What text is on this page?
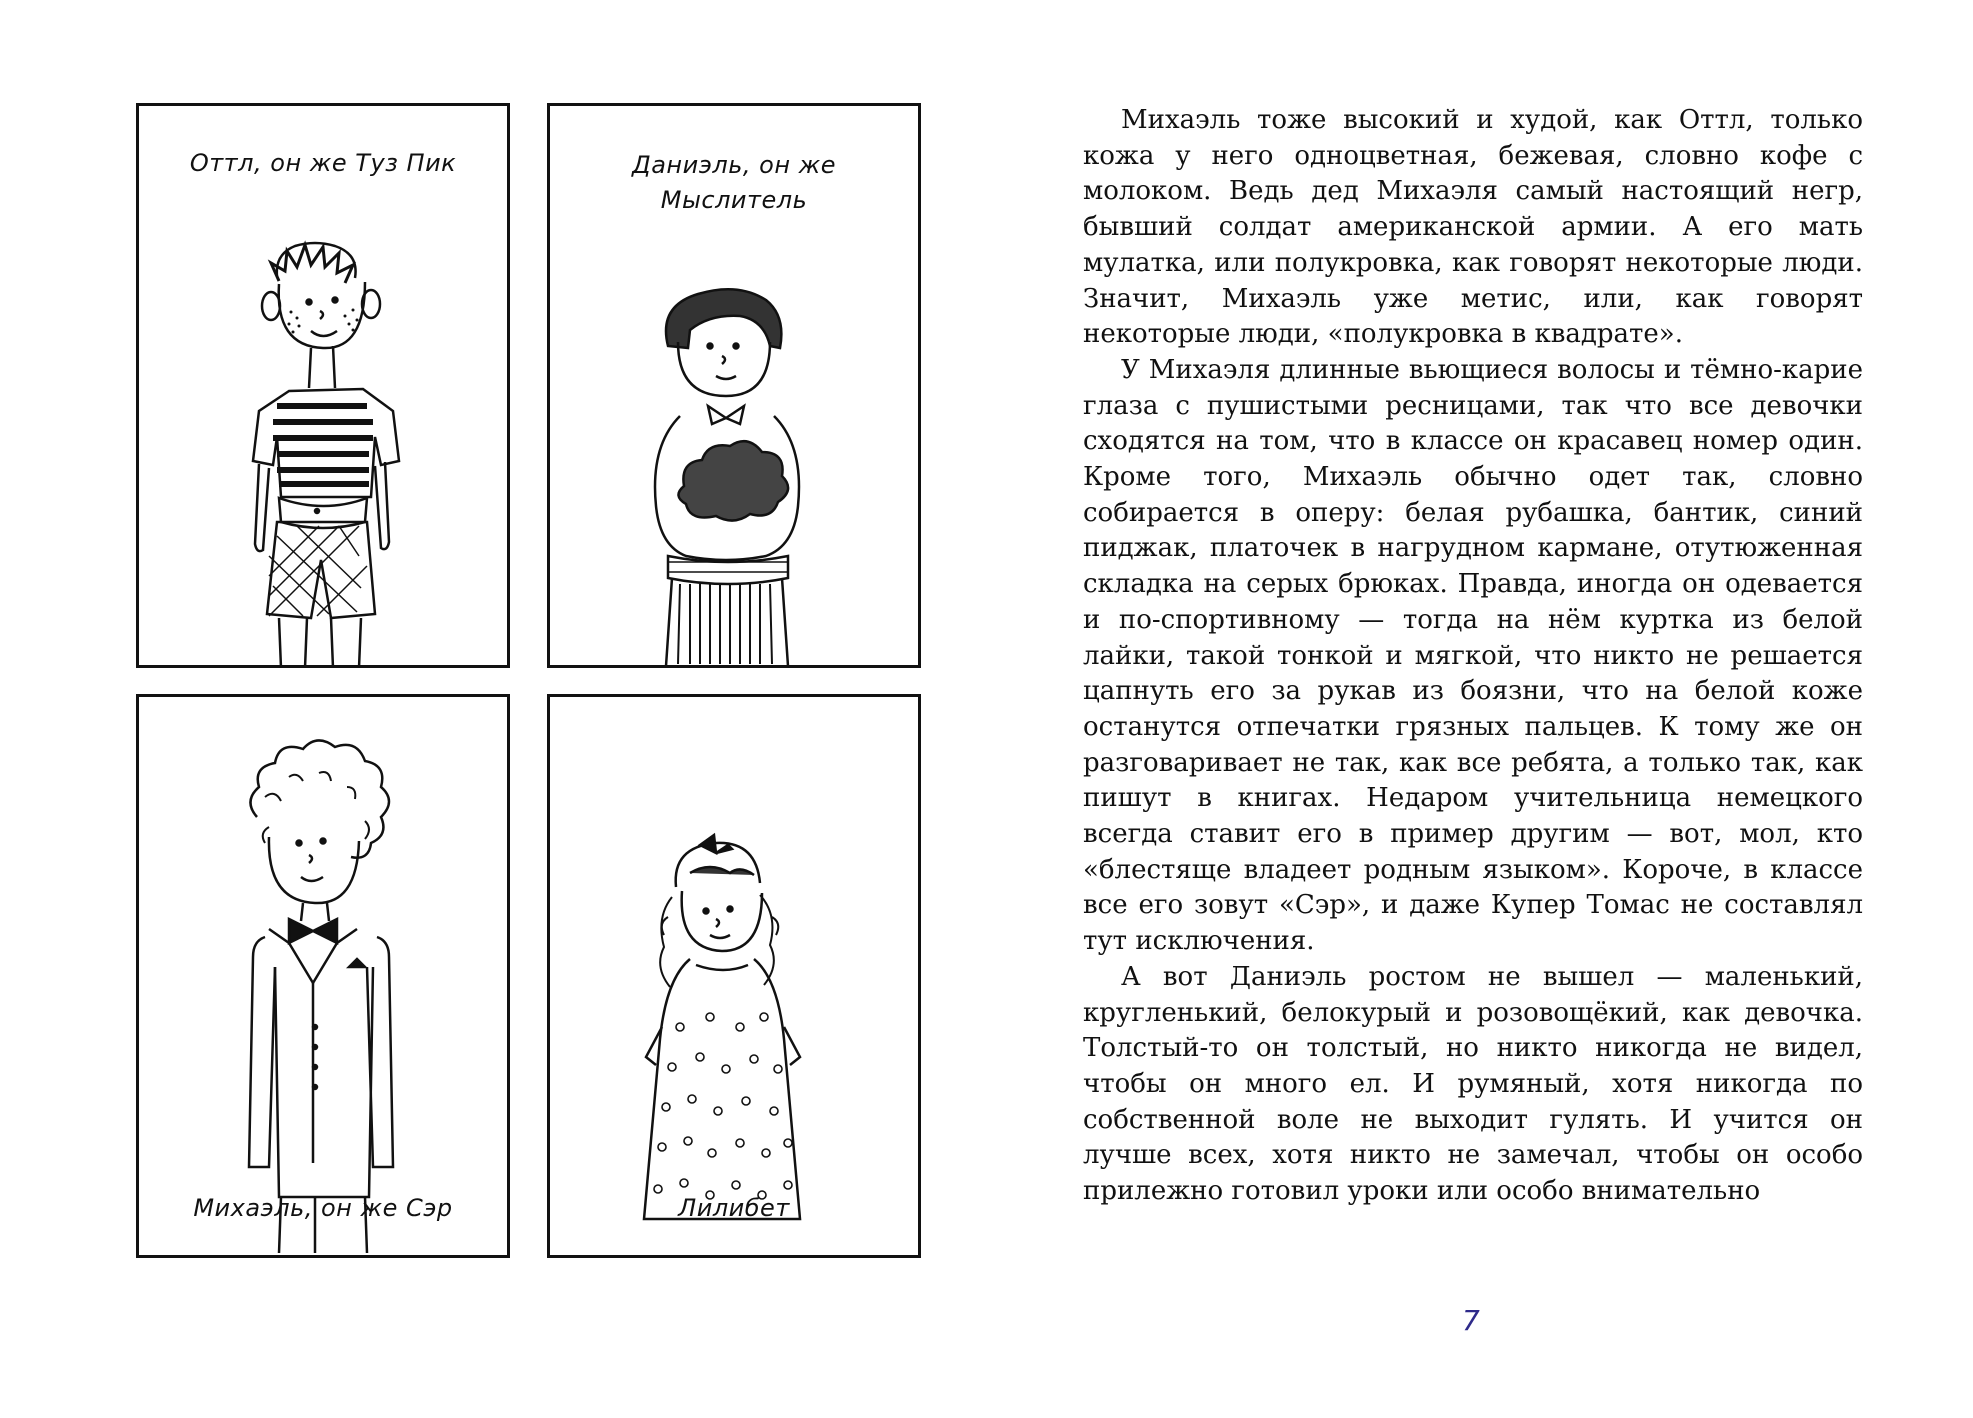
Оттл, он же Туз Пик	Даниэль, он же
Мыслитель
Михаэль, он же Сэр	Лилибет

Михаэль тоже высокий и худой, как Оттл, только кожа у него одноцветная, бежевая, словно кофе с молоком. Ведь дед Михаэля самый настоящий негр, бывший солдат американской армии. А его мать мулатка, или полукровка, как говорят некоторые люди. Значит, Михаэль уже метис, или, как говорят некоторые люди, «полукровка в квадрате».

У Михаэля длинные вьющиеся волосы и тёмно-карие глаза с пушистыми ресницами, так что все девочки сходятся на том, что в классе он красавец номер один. Кроме того, Михаэль обычно одет так, словно собирается в оперу: белая рубашка, бантик, синий пиджак, платочек в нагрудном кармане, отутюженная складка на серых брюках. Правда, иногда он одевается и по-спортивному — тогда на нём куртка из белой лайки, такой тонкой и мягкой, что никто не решается цапнуть его за рукав из боязни, что на белой коже останутся отпечатки грязных пальцев. К тому же он разговаривает не так, как все ребята, а только так, как пишут в книгах. Недаром учительница немецкого всегда ставит его в пример другим — вот, мол, кто «блестяще владеет родным языком». Короче, в классе все его зовут «Сэр», и даже Купер Томас не составлял тут исключения.

А вот Даниэль ростом не вышел — маленький, кругленький, белокурый и розовощёкий, как девочка. Толстый-то он толстый, но никто никогда не видел, чтобы он много ел. И румяный, хотя никогда по собственной воле не выходит гулять. И учится он лучше всех, хотя никто не замечал, чтобы он особо прилежно готовил уроки или особо внимательно

7
